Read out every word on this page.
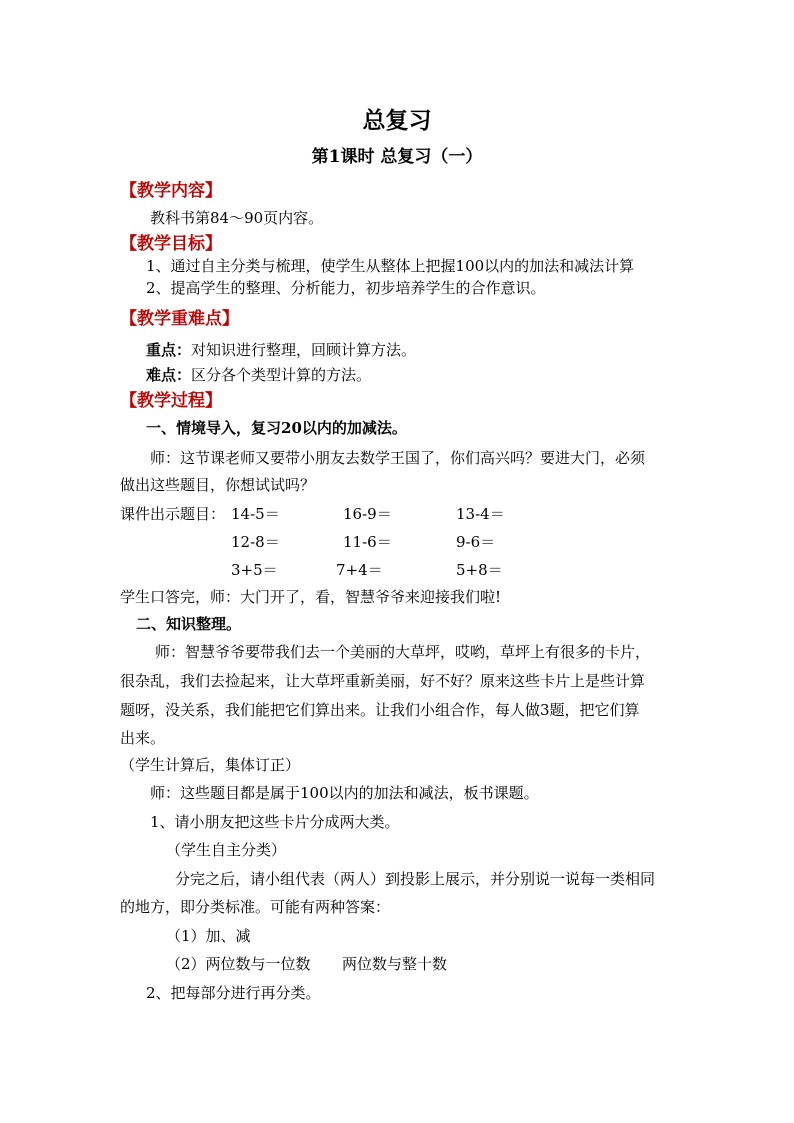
总复习
第1课时 总复习（一）
【教学内容】
教科书第84～90页内容。
【教学目标】
1、通过自主分类与梳理，使学生从整体上把握100以内的加法和减法计算
2、提高学生的整理、分析能力，初步培养学生的合作意识。
【教学重难点】
重点：对知识进行整理，回顾计算方法。
难点：区分各个类型计算的方法。
【教学过程】
一、情境导入，复习20以内的加减法。
师：这节课老师又要带小朋友去数学王国了，你们高兴吗？要进大门，必须
做出这些题目，你想试试吗？
课件出示题目： 14-5＝	16-9＝	13-4＝
12-8＝	11-6＝	9-6＝
3+5＝	7+4＝	5+8＝
学生口答完，师：大门开了，看，智慧爷爷来迎接我们啦!
二、知识整理。
师：智慧爷爷要带我们去一个美丽的大草坪，哎哟，草坪上有很多的卡片，
很杂乱，我们去捡起来，让大草坪重新美丽，好不好？原来这些卡片上是些计算
题呀，没关系，我们能把它们算出来。让我们小组合作，每人做3题，把它们算
出来。
（学生计算后，集体订正）
师：这些题目都是属于100以内的加法和减法，板书课题。
1、请小朋友把这些卡片分成两大类。
（学生自主分类）
分完之后，请小组代表（两人）到投影上展示，并分别说一说每一类相同
的地方，即分类标准。可能有两种答案：
（1）加、减
（2）两位数与一位数 两位数与整十数
2、把每部分进行再分类。
